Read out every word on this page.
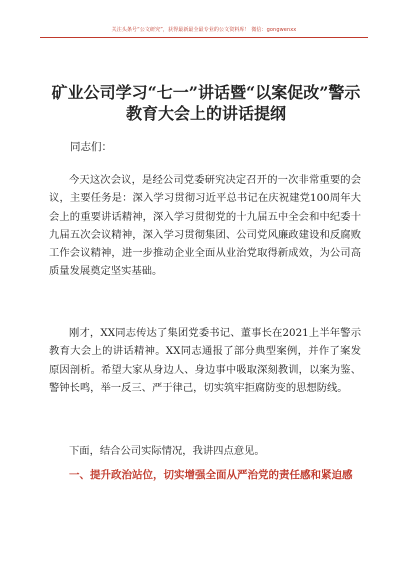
关注头条号“公文研究”，获得最新最全最专业的公文资料库！ 微信：gongwenxx
矿业公司学习“七一”讲话暨“以案促改”警示教育大会上的讲话提纲

同志们：

今天这次会议，是经公司党委研究决定召开的一次非常重要的会议，主要任务是：深入学习贯彻习近平总书记在庆祝建党100周年大会上的重要讲话精神，深入学习贯彻党的十九届五中全会和中纪委十九届五次会议精神，深入学习贯彻集团、公司党风廉政建设和反腐败工作会议精神，进一步推动企业全面从业治党取得新成效，为公司高质量发展奠定坚实基础。

刚才，XX同志传达了集团党委书记、董事长在2021上半年警示教育大会上的讲话精神。XX同志通报了部分典型案例，并作了案发原因剖析。希望大家从身边人、身边事中吸取深刻教训，以案为鉴、警钟长鸣，举一反三、严于律己，切实筑牢拒腐防变的思想防线。

下面，结合公司实际情况，我讲四点意见。

一、提升政治站位，切实增强全面从严治党的责任感和紧迫感
